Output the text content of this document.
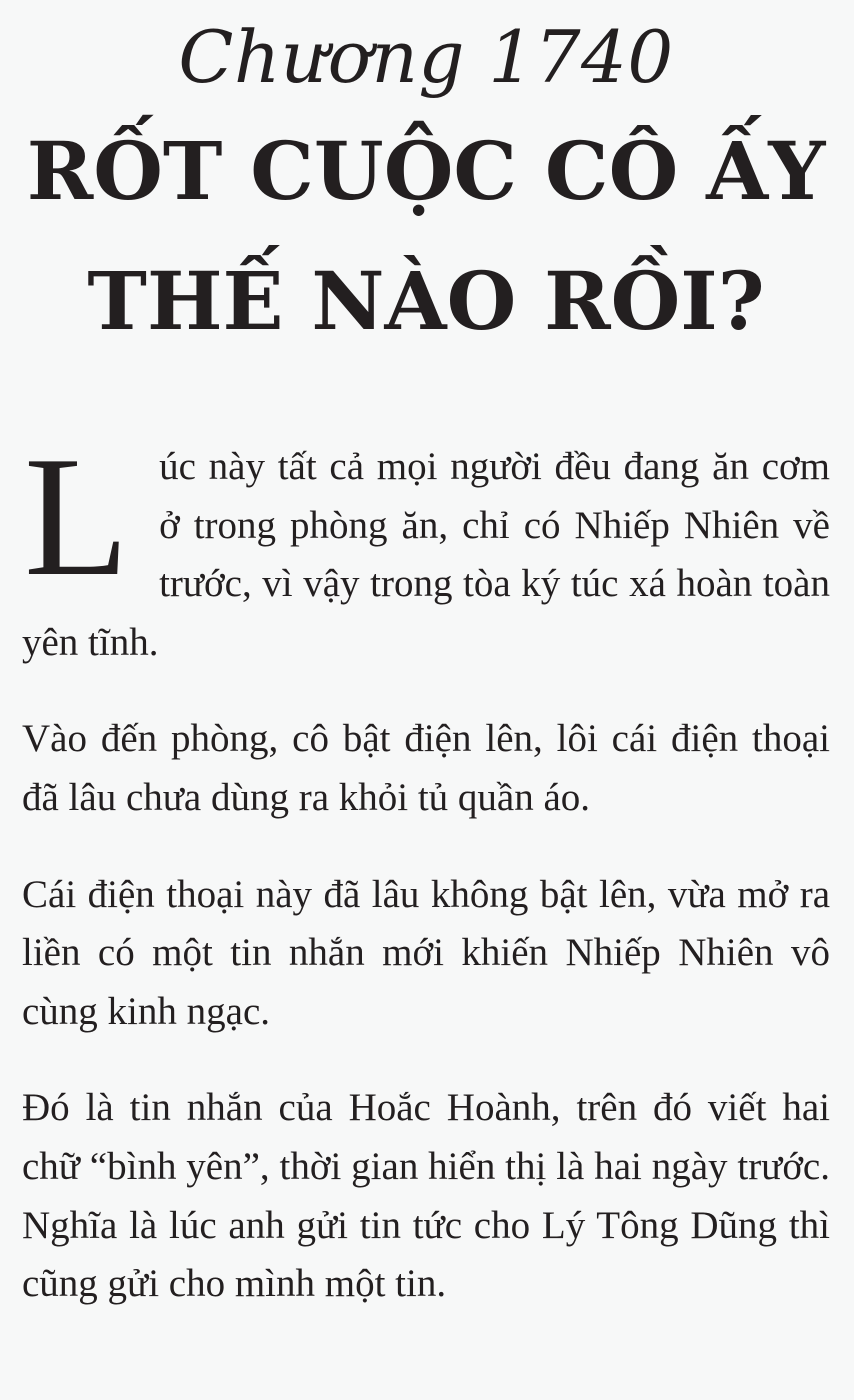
Chương 1740
RỐT CUỘC CÔ ẤY
THẾ NÀO RỒI?

L úc này tất cả mọi người đều đang ăn cơm ở trong phòng ăn, chỉ có Nhiếp Nhiên về trước, vì vậy trong tòa ký túc xá hoàn toàn yên tĩnh.

Vào đến phòng, cô bật điện lên, lôi cái điện thoại đã lâu chưa dùng ra khỏi tủ quần áo.

Cái điện thoại này đã lâu không bật lên, vừa mở ra liền có một tin nhắn mới khiến Nhiếp Nhiên vô cùng kinh ngạc.

Đó là tin nhắn của Hoắc Hoành, trên đó viết hai chữ “bình yên”, thời gian hiển thị là hai ngày trước. Nghĩa là lúc anh gửi tin tức cho Lý Tông Dũng thì cũng gửi cho mình một tin.
